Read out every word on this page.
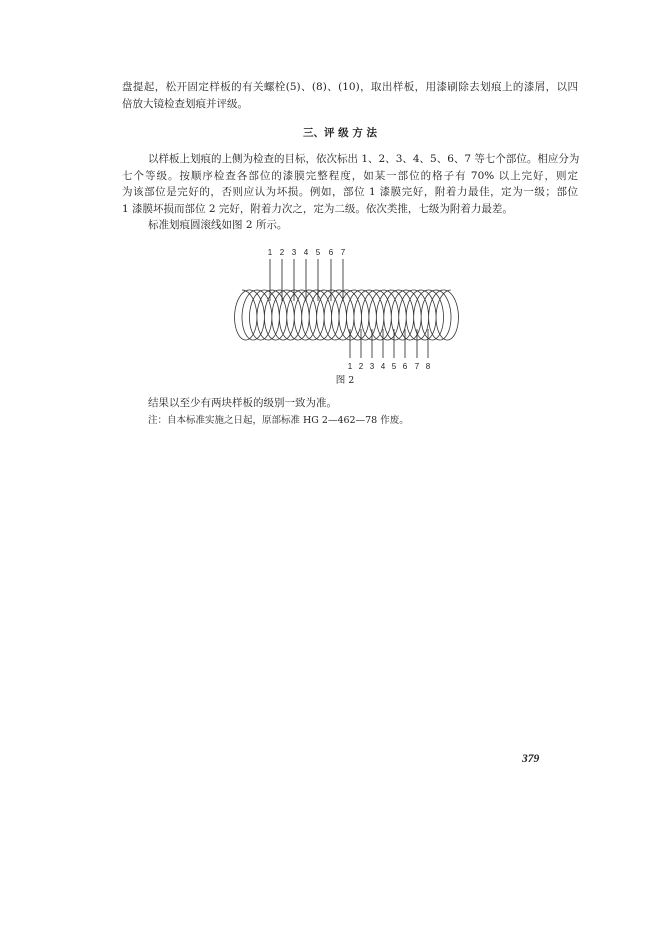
盘提起，松开固定样板的有关螺栓(5)、(8)、(10)，取出样板，用漆刷除去划痕上的漆屑，以四

倍放大镜检查划痕并评级。

三、评 级 方 法

以样板上划痕的上侧为检查的目标，依次标出 1、2、3、4、5、6、7 等七个部位。相应分为

七个等级。按顺序检查各部位的漆膜完整程度，如某一部位的格子有 70% 以上完好，则定

为该部位是完好的，否则应认为坏损。例如，部位 1 漆膜完好，附着力最佳，定为一级；部位

1 漆膜坏损而部位 2 完好，附着力次之，定为二级。依次类推，七级为附着力最差。

标准划痕圆滚线如图 2 所示。

1 2 3 4 5 6 7
1 2 3 4 5 6 7 8

图 2

结果以至少有两块样板的级别一致为准。

注：自本标准实施之日起，原部标准 HG 2—462—78 作废。

379
